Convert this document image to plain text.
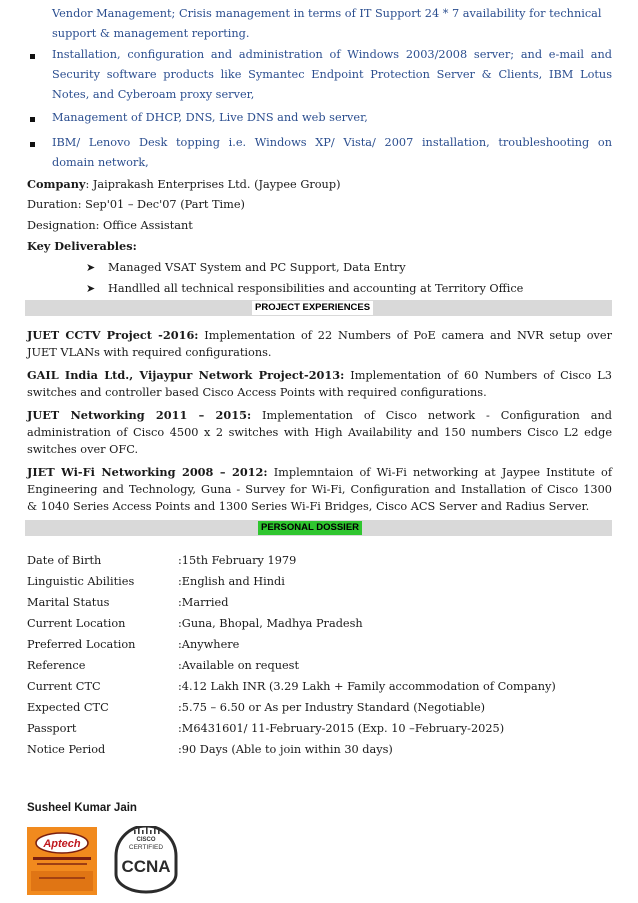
Vendor Management; Crisis management in terms of IT Support 24 * 7 availability for technical
support & management reporting.
Installation, configuration and administration of Windows 2003/2008 server; and e-mail and
Security software products like Symantec Endpoint Protection Server & Clients, IBM Lotus
Notes, and Cyberoam proxy server,
Management of DHCP, DNS, Live DNS and web server,
IBM/ Lenovo Desk topping i.e. Windows XP/ Vista/ 2007 installation, troubleshooting on
domain network,
Company: Jaiprakash Enterprises Ltd. (Jaypee Group)
Duration: Sep'01 – Dec'07 (Part Time)
Designation: Office Assistant
Key Deliverables:
➤ Managed VSAT System and PC Support, Data Entry
➤ Handlled all technical responsibilities and accounting at Territory Office
PROJECT EXPERIENCES
JUET CCTV Project -2016: Implementation of 22 Numbers of PoE camera and NVR setup over
JUET VLANs with required configurations.
GAIL India Ltd., Vijaypur Network Project-2013: Implementation of 60 Numbers of Cisco L3
switches and controller based Cisco Access Points with required configurations.
JUET Networking 2011 – 2015: Implementation of Cisco network - Configuration and
administration of Cisco 4500 x 2 switches with High Availability and 150 numbers Cisco L2 edge
switches over OFC.
JIET Wi-Fi Networking 2008 – 2012: Implemntaion of Wi-Fi networking at Jaypee Institute of
Engineering and Technology, Guna - Survey for Wi-Fi, Configuration and Installation of Cisco 1300
& 1040 Series Access Points and 1300 Series Wi-Fi Bridges, Cisco ACS Server and Radius Server.
PERSONAL DOSSIER
Date of Birth	:15th February 1979
Linguistic Abilities	:English and Hindi
Marital Status	:Married
Current Location	:Guna, Bhopal, Madhya Pradesh
Preferred Location	:Anywhere
Reference	:Available on request
Current CTC	:4.12 Lakh INR (3.29 Lakh + Family accommodation of Company)
Expected CTC	:5.75 – 6.50 or As per Industry Standard (Negotiable)
Passport	:M6431601/ 11-February-2015 (Exp. 10 –February-2025)
Notice Period	:90 Days (Able to join within 30 days)
Susheel Kumar Jain
Aptech	CISCO
CERTIFIED
CCNA
